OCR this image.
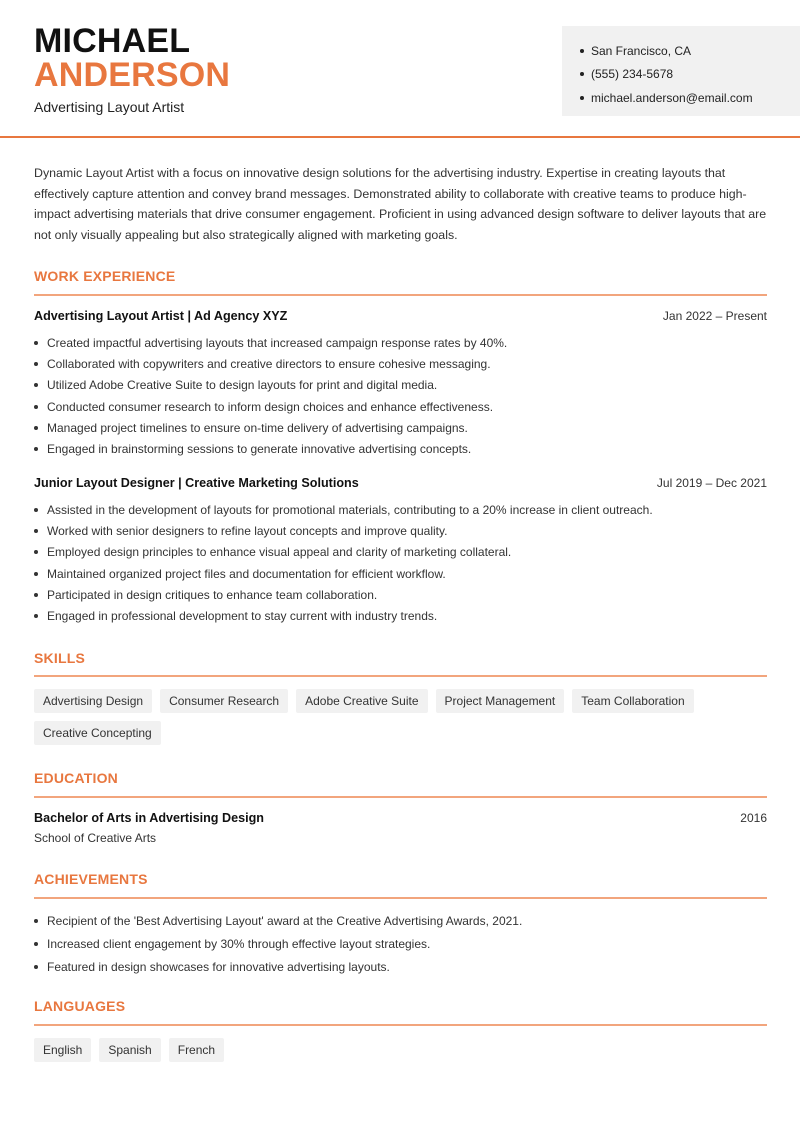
MICHAEL
ANDERSON
Advertising Layout Artist
San Francisco, CA
(555) 234-5678
michael.anderson@email.com

Dynamic Layout Artist with a focus on innovative design solutions for the advertising industry. Expertise in creating layouts that effectively capture attention and convey brand messages. Demonstrated ability to collaborate with creative teams to produce high-impact advertising materials that drive consumer engagement. Proficient in using advanced design software to deliver layouts that are not only visually appealing but also strategically aligned with marketing goals.

WORK EXPERIENCE
Advertising Layout Artist | Ad Agency XYZ	Jan 2022 – Present
Created impactful advertising layouts that increased campaign response rates by 40%.
Collaborated with copywriters and creative directors to ensure cohesive messaging.
Utilized Adobe Creative Suite to design layouts for print and digital media.
Conducted consumer research to inform design choices and enhance effectiveness.
Managed project timelines to ensure on-time delivery of advertising campaigns.
Engaged in brainstorming sessions to generate innovative advertising concepts.
Junior Layout Designer | Creative Marketing Solutions	Jul 2019 – Dec 2021
Assisted in the development of layouts for promotional materials, contributing to a 20% increase in client outreach.
Worked with senior designers to refine layout concepts and improve quality.
Employed design principles to enhance visual appeal and clarity of marketing collateral.
Maintained organized project files and documentation for efficient workflow.
Participated in design critiques to enhance team collaboration.
Engaged in professional development to stay current with industry trends.
SKILLS
Advertising Design	Consumer Research	Adobe Creative Suite	Project Management	Team Collaboration
Creative Concepting
EDUCATION
Bachelor of Arts in Advertising Design	2016
School of Creative Arts
ACHIEVEMENTS
Recipient of the 'Best Advertising Layout' award at the Creative Advertising Awards, 2021.
Increased client engagement by 30% through effective layout strategies.
Featured in design showcases for innovative advertising layouts.
LANGUAGES
English	Spanish	French
